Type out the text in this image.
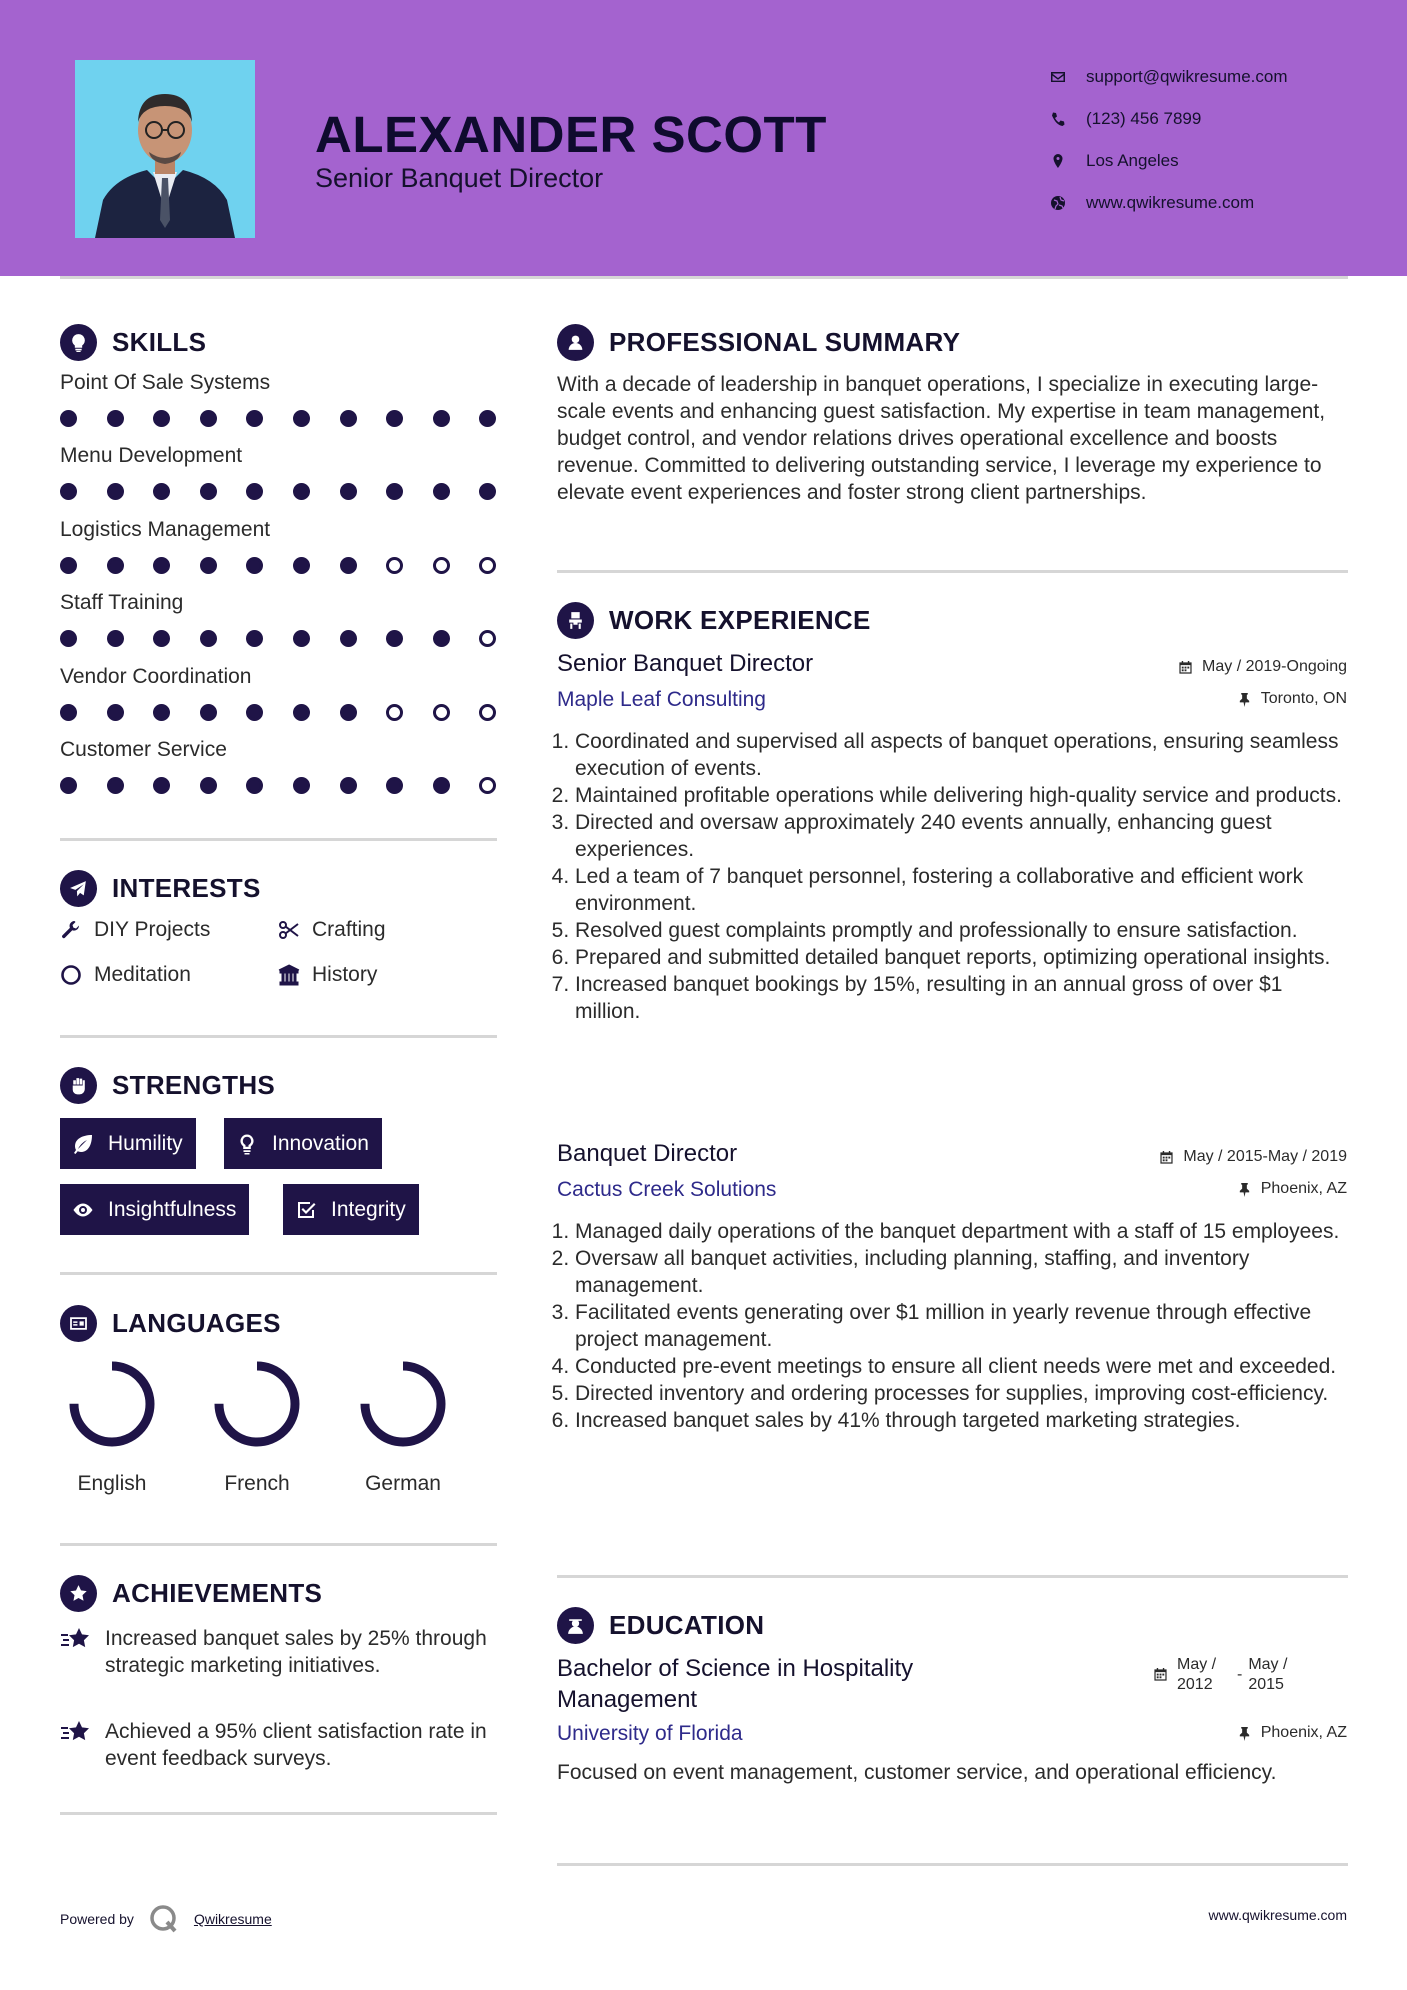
ALEXANDER SCOTT
Senior Banquet Director
support@qwikresume.com
(123) 456 7899
Los Angeles
www.qwikresume.com
SKILLS
Point Of Sale Systems
Menu Development
Logistics Management
Staff Training
Vendor Coordination
Customer Service
INTERESTS
DIY Projects	Crafting
Meditation	History
STRENGTHS
Humility	Innovation
Insightfulness	Integrity
LANGUAGES
English	French	German
ACHIEVEMENTS
Increased banquet sales by 25% through strategic marketing initiatives.
Achieved a 95% client satisfaction rate in event feedback surveys.
PROFESSIONAL SUMMARY
With a decade of leadership in banquet operations, I specialize in executing large-scale events and enhancing guest satisfaction. My expertise in team management, budget control, and vendor relations drives operational excellence and boosts revenue. Committed to delivering outstanding service, I leverage my experience to elevate event experiences and foster strong client partnerships.
WORK EXPERIENCE
Senior Banquet Director	May / 2019-Ongoing
Maple Leaf Consulting	Toronto, ON
1. Coordinated and supervised all aspects of banquet operations, ensuring seamless execution of events.
2. Maintained profitable operations while delivering high-quality service and products.
3. Directed and oversaw approximately 240 events annually, enhancing guest experiences.
4. Led a team of 7 banquet personnel, fostering a collaborative and efficient work environment.
5. Resolved guest complaints promptly and professionally to ensure satisfaction.
6. Prepared and submitted detailed banquet reports, optimizing operational insights.
7. Increased banquet bookings by 15%, resulting in an annual gross of over $1 million.
Banquet Director	May / 2015-May / 2019
Cactus Creek Solutions	Phoenix, AZ
1. Managed daily operations of the banquet department with a staff of 15 employees.
2. Oversaw all banquet activities, including planning, staffing, and inventory management.
3. Facilitated events generating over $1 million in yearly revenue through effective project management.
4. Conducted pre-event meetings to ensure all client needs were met and exceeded.
5. Directed inventory and ordering processes for supplies, improving cost-efficiency.
6. Increased banquet sales by 41% through targeted marketing strategies.
EDUCATION
Bachelor of Science in Hospitality Management
May / 2012
-
May / 2015
University of Florida	Phoenix, AZ
Focused on event management, customer service, and operational efficiency.
Powered by	Qwikresume	www.qwikresume.com
